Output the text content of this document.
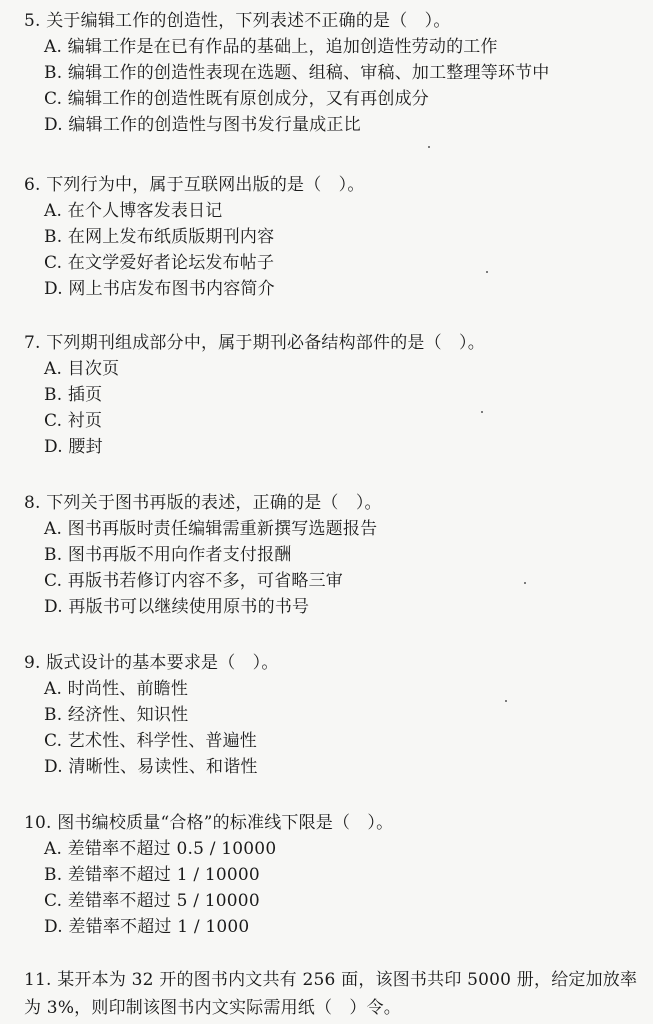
5. 关于编辑工作的创造性，下列表述不正确的是（　）。
A. 编辑工作是在已有作品的基础上，追加创造性劳动的工作
B. 编辑工作的创造性表现在选题、组稿、审稿、加工整理等环节中
C. 编辑工作的创造性既有原创成分，又有再创成分
D. 编辑工作的创造性与图书发行量成正比
6. 下列行为中，属于互联网出版的是（　）。
A. 在个人博客发表日记
B. 在网上发布纸质版期刊内容
C. 在文学爱好者论坛发布帖子
D. 网上书店发布图书内容简介
7. 下列期刊组成部分中，属于期刊必备结构部件的是（　）。
A. 目次页
B. 插页
C. 衬页
D. 腰封
8. 下列关于图书再版的表述，正确的是（　）。
A. 图书再版时责任编辑需重新撰写选题报告
B. 图书再版不用向作者支付报酬
C. 再版书若修订内容不多，可省略三审
D. 再版书可以继续使用原书的书号
9. 版式设计的基本要求是（　）。
A. 时尚性、前瞻性
B. 经济性、知识性
C. 艺术性、科学性、普遍性
D. 清晰性、易读性、和谐性
10. 图书编校质量“合格”的标准线下限是（　）。
A. 差错率不超过 0.5 / 10000
B. 差错率不超过 1 / 10000
C. 差错率不超过 5 / 10000
D. 差错率不超过 1 / 1000
11. 某开本为 32 开的图书内文共有 256 面，该图书共印 5000 册，给定加放率为 3%，则印制该图书内文实际需用纸（　）令。
